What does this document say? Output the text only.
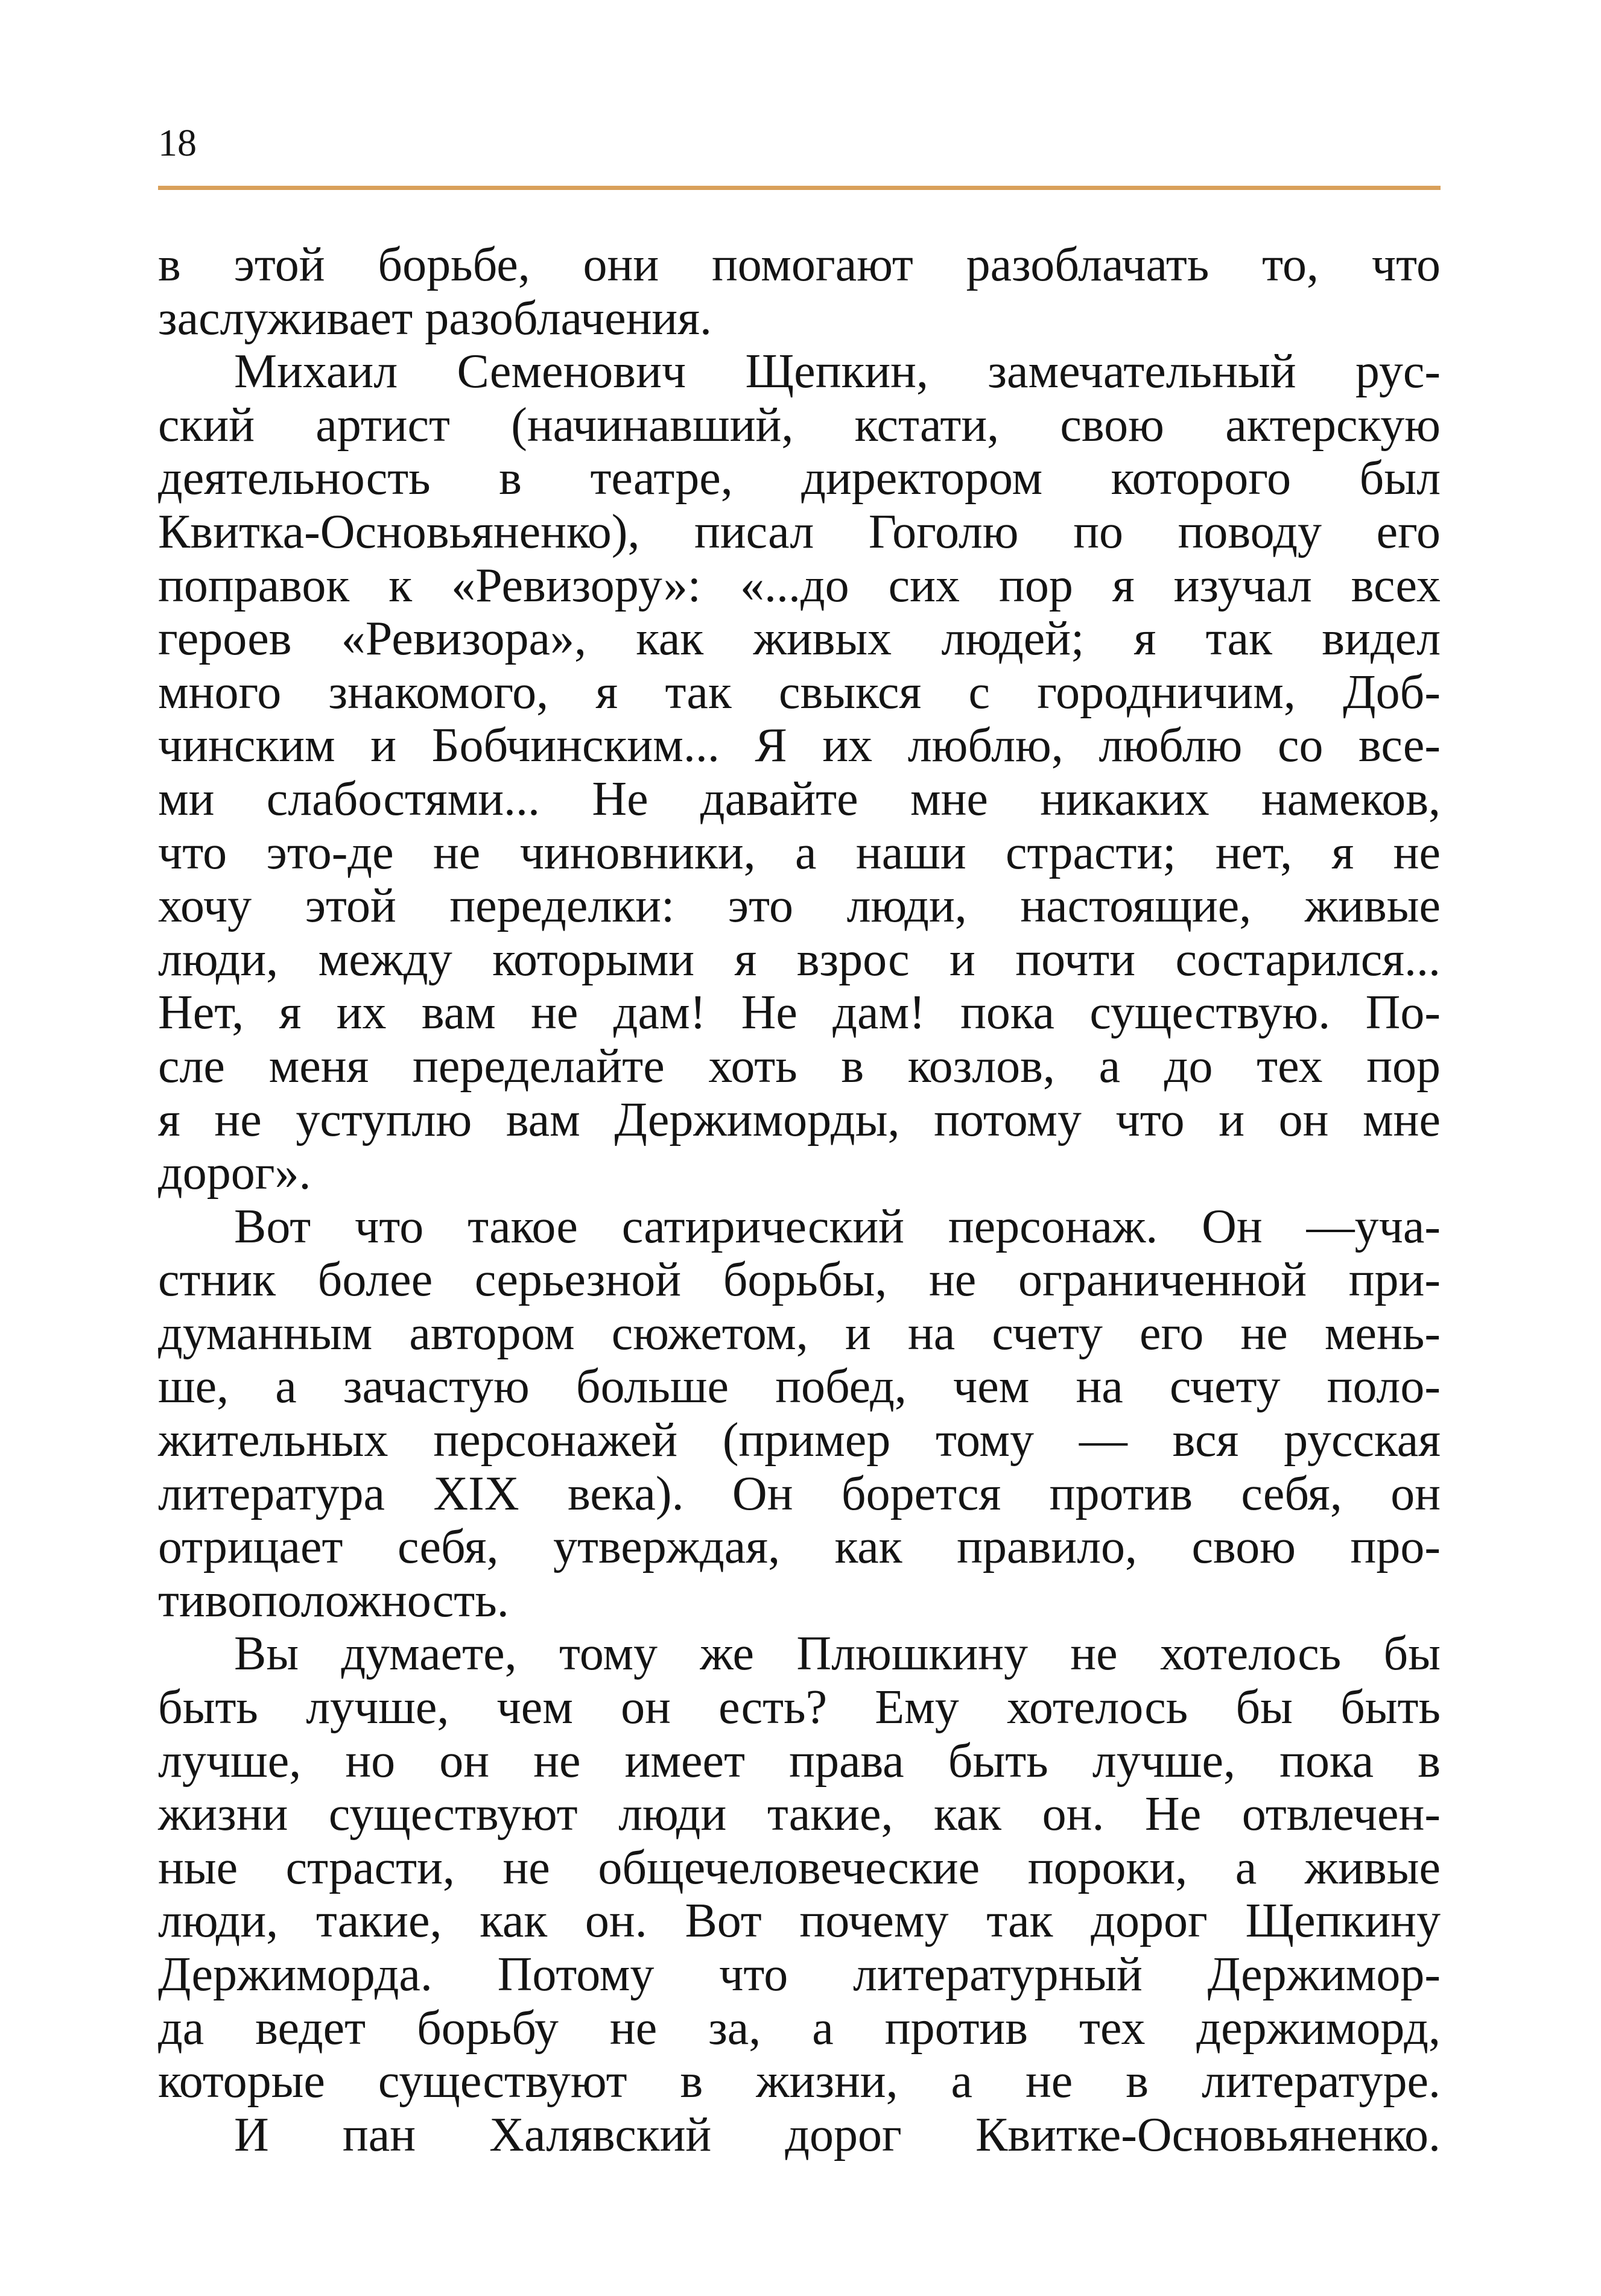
18
в этой борьбе, они помогают разоблачать то, что
заслуживает разоблачения.
Михаил Семенович Щепкин, замечательный рус-
ский артист (начинавший, кстати, свою актерскую
деятельность в театре, директором которого был
Квитка-Основьяненко), писал Гоголю по поводу его
поправок к «Ревизору»: «...до сих пор я изучал всех
героев «Ревизора», как живых людей; я так видел
много знакомого, я так свыкся с городничим, Доб-
чинским и Бобчинским... Я их люблю, люблю со все-
ми слабостями... Не давайте мне никаких намеков,
что это-де не чиновники, а наши страсти; нет, я не
хочу этой переделки: это люди, настоящие, живые
люди, между которыми я взрос и почти состарился...
Нет, я их вам не дам! Не дам! пока существую. По-
сле меня переделайте хоть в козлов, а до тех пор
я не уступлю вам Держиморды, потому что и он мне
дорог».
Вот что такое сатирический персонаж. Он —уча-
стник более серьезной борьбы, не ограниченной при-
думанным автором сюжетом, и на счету его не мень-
ше, а зачастую больше побед, чем на счету поло-
жительных персонажей (пример тому — вся русская
литература XIX века). Он борется против себя, он
отрицает себя, утверждая, как правило, свою про-
тивоположность.
Вы думаете, тому же Плюшкину не хотелось бы
быть лучше, чем он есть? Ему хотелось бы быть
лучше, но он не имеет права быть лучше, пока в
жизни существуют люди такие, как он. Не отвлечен-
ные страсти, не общечеловеческие пороки, а живые
люди, такие, как он. Вот почему так дорог Щепкину
Держиморда. Потому что литературный Держимор-
да ведет борьбу не за, а против тех держиморд,
которые существуют в жизни, а не в литературе.
И пан Халявский дорог Квитке-Основьяненко.
